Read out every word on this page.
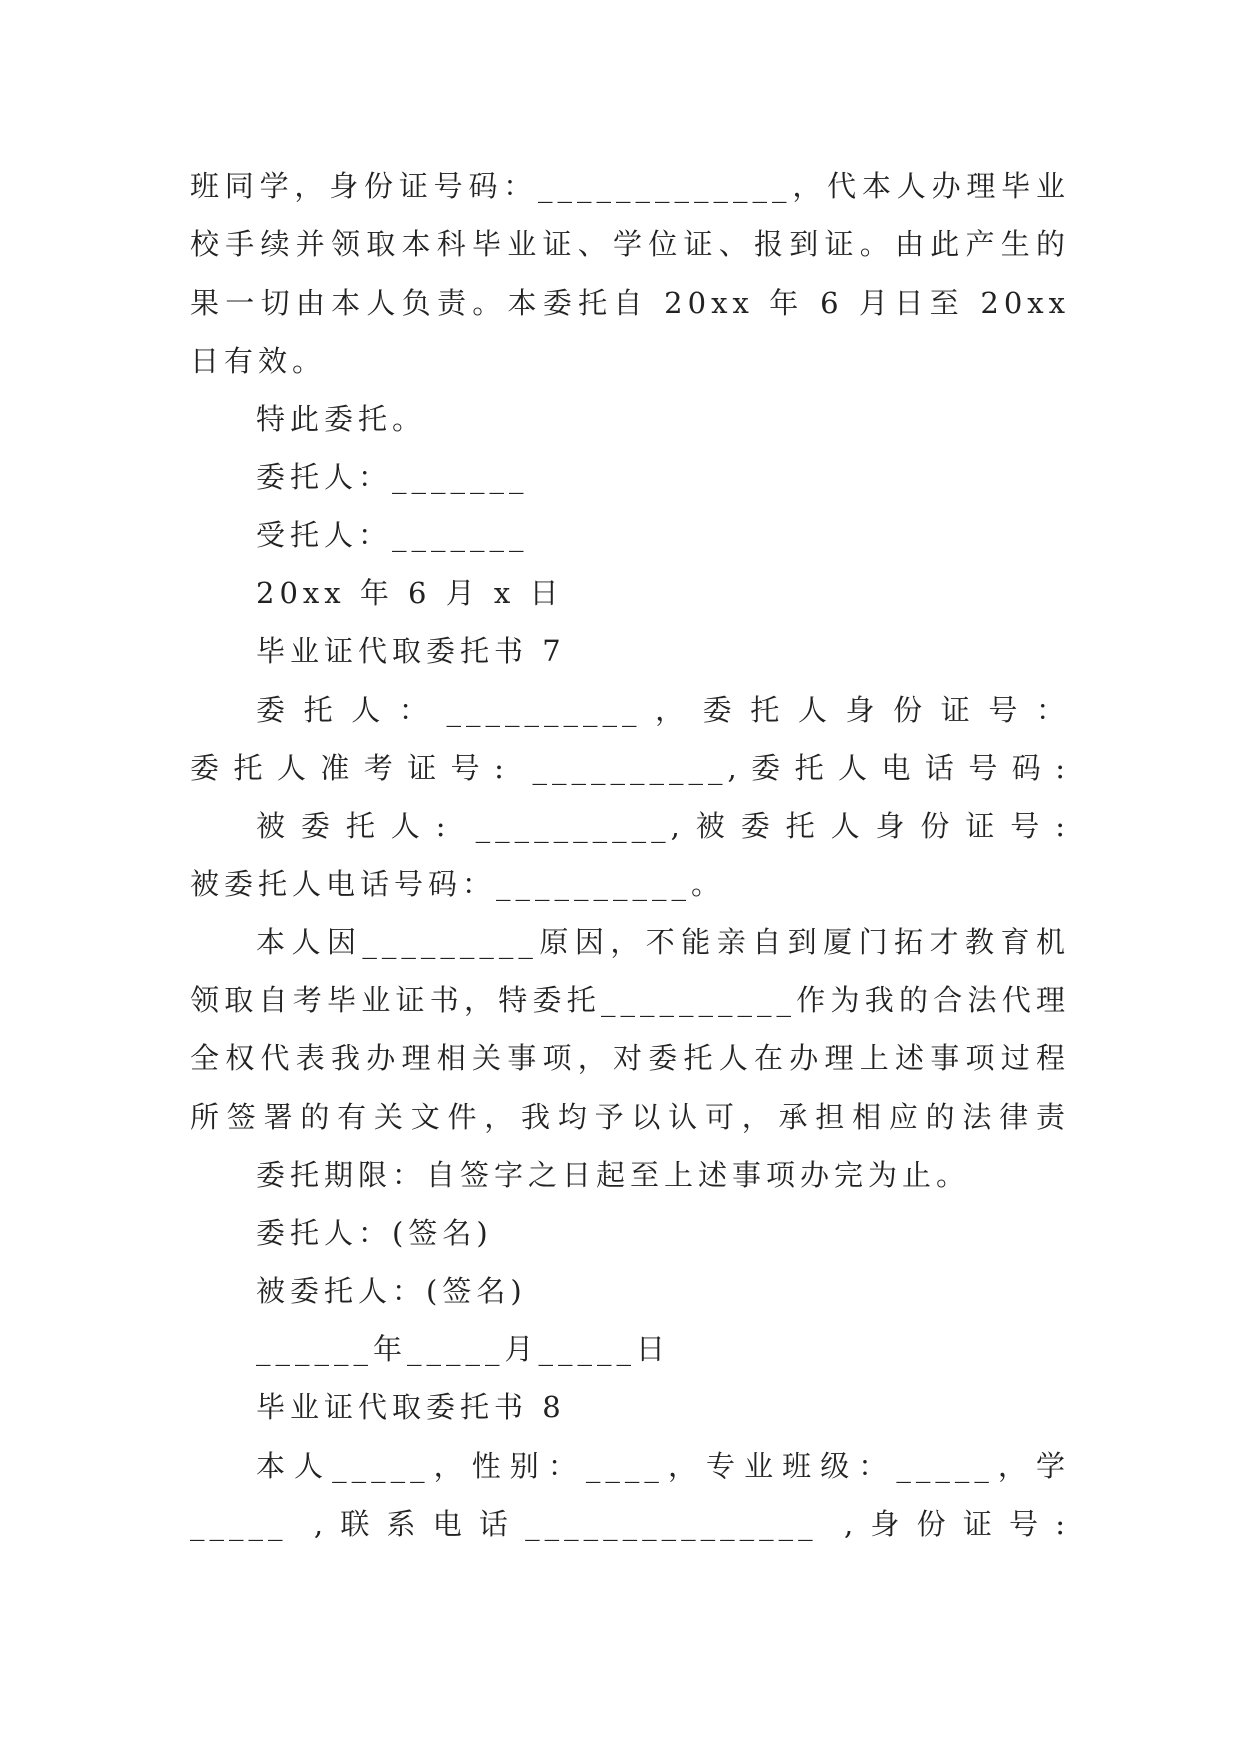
班同学，身份证号码：_____________，代本人办理毕业
校手续并领取本科毕业证、学位证、报到证。由此产生的
果一切由本人负责。本委托自 20xx 年 6 月日至 20xx
日有效。
特此委托。
委托人：_______
受托人：_______
20xx 年 6 月 x 日
毕业证代取委托书 7
委托人：__________，委托人身份证号：
委托人准考证号: __________,委托人电话号码:
被委托人: __________,被委托人身份证号:
被委托人电话号码：__________。
本人因_________原因，不能亲自到厦门拓才教育机
领取自考毕业证书，特委托__________作为我的合法代理
全权代表我办理相关事项，对委托人在办理上述事项过程
所签署的有关文件，我均予以认可，承担相应的法律责
委托期限：自签字之日起至上述事项办完为止。
委托人：(签名)
被委托人：(签名)
______年_____月_____日
毕业证代取委托书 8
本人_____，性别：____，专业班级：_____，学
_____ ,联系电话_______________ ,身份证号:
